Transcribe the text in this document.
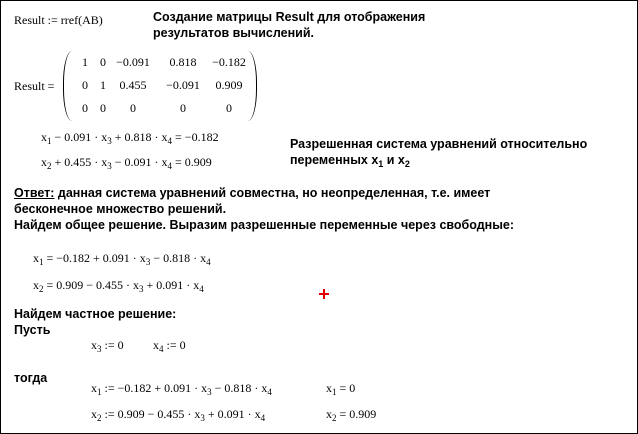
Result := rref(AB)	Создание матрицы Result для отображения
результатов вычислений.
Result =
1 0 −0.091 0.818 −0.182
0 1 0.455 −0.091 0.909
0 0 0	0	0
$x_1 - 0.091 \cdot x_3 + 0.818 \cdot x_4 = -0.182$
$x_2 + 0.455 \cdot x_3 - 0.091 \cdot x_4 = 0.909$
Разрешенная система уравнений относительно
переменных $x_1$ и $x_2$
Ответ: данная система уравнений совместна, но неопределенная, т.е. имеет
бесконечное множество решений.
Найдем общее решение. Выразим разрешенные переменные через свободные:
$x_1 = -0.182 + 0.091 \cdot x_3 - 0.818 \cdot x_4$
$x_2 = 0.909 - 0.455 \cdot x_3 + 0.091 \cdot x_4$
Найдем частное решение:
Пусть
$x_3$ := 0 $x_4$ := 0
тогда
$x_1$ := $-0.182 + 0.091 \cdot x_3 - 0.818 \cdot x_4$	$x_1 = 0$
$x_2$ := $0.909 - 0.455 \cdot x_3 + 0.091 \cdot x_4$	$x_2 = 0.909$
